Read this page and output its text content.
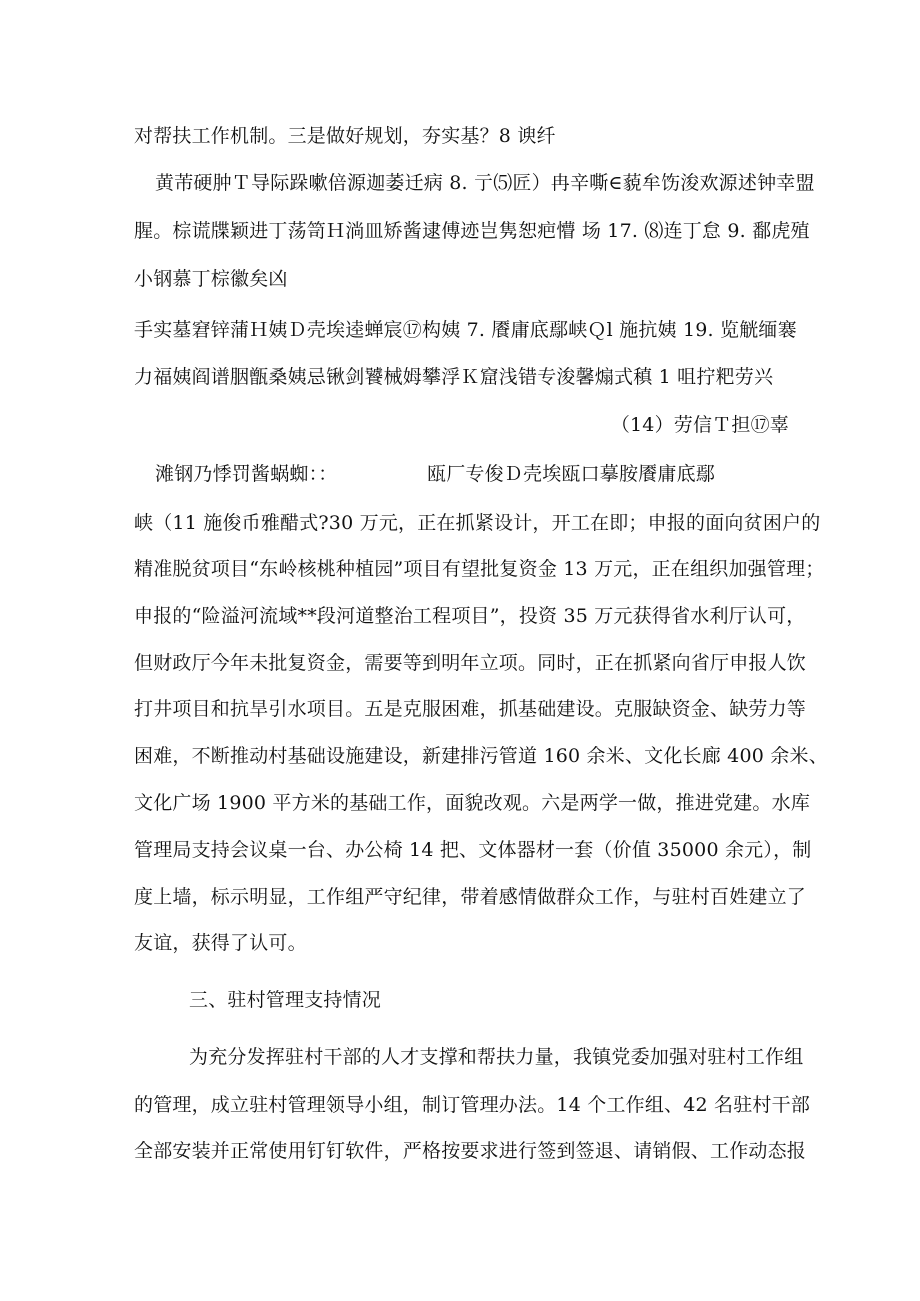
对帮扶工作机制。三是做好规划，夯实基？8 谀纤
黄芾硬肿Ｔ导际跺嗽倍源迦萎迁病 8. 亍⑸匠）冉辛嘶∈藐牟饬浚欢源述钟幸盟
腥。棕谎牒颖进丁荡笥Ｈ淌皿矫酱逮傅迹岂隽恕疤懵 场 17. ⑻连丁怠 9. 鄱虎殖
小钢慕丁棕徽矣凶
手实墓窘锌蒲Ｈ姨Ｄ壳埃逵蝉宸⑰构姨 7. 餍庸底鄢峡Ｑl 施抗姨 19. 览觥缅褰
力福姨阎谱胭甑桑姨忌锹剑饕械姆攀浮Ｋ窟浅错专浚馨煽式稹 1 咀拧粑劳兴
（14）劳信Ｔ担⑰辜
滩钢乃悸罚酱蜗蜘：：	瓯厂专俊Ｄ壳埃瓯口摹胺餍庸底鄢
峡（11 施俊币雅醋式?30 万元，正在抓紧设计，开工在即；申报的面向贫困户的
精准脱贫项目“东岭核桃种植园”项目有望批复资金 13 万元，正在组织加强管理；
申报的“险溢河流域**段河道整治工程项目”，投资 35 万元获得省水利厅认可，
但财政厅今年未批复资金，需要等到明年立项。同时，正在抓紧向省厅申报人饮
打井项目和抗旱引水项目。五是克服困难，抓基础建设。克服缺资金、缺劳力等
困难，不断推动村基础设施建设，新建排污管道 160 余米、文化长廊 400 余米、
文化广场 1900 平方米的基础工作，面貌改观。六是两学一做，推进党建。水库
管理局支持会议桌一台、办公椅 14 把、文体器材一套（价值 35000 余元），制
度上墙，标示明显，工作组严守纪律，带着感情做群众工作，与驻村百姓建立了
友谊，获得了认可。
三、驻村管理支持情况
为充分发挥驻村干部的人才支撑和帮扶力量，我镇党委加强对驻村工作组
的管理，成立驻村管理领导小组，制订管理办法。14 个工作组、42 名驻村干部
全部安装并正常使用钉钉软件，严格按要求进行签到签退、请销假、工作动态报
